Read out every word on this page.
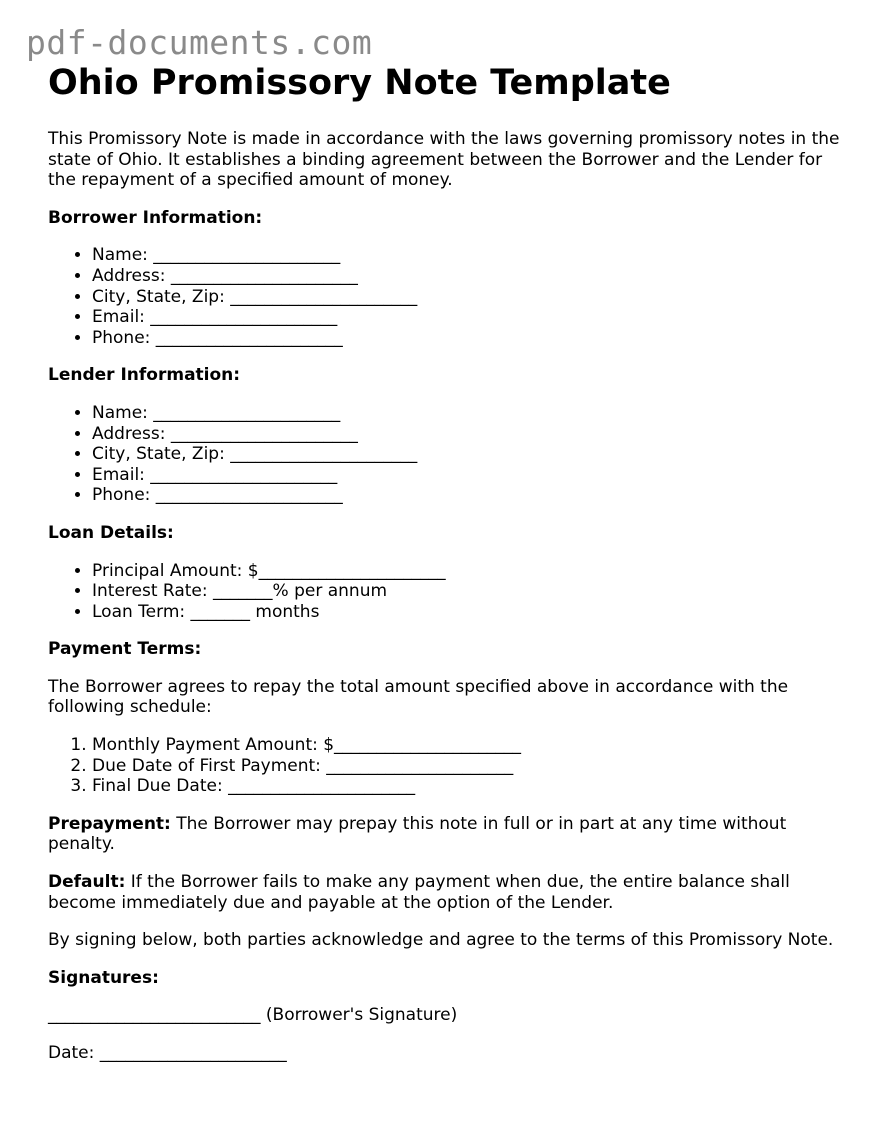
pdf-documents.com
Ohio Promissory Note Template

This Promissory Note is made in accordance with the laws governing promissory notes in the state of Ohio. It establishes a binding agreement between the Borrower and the Lender for the repayment of a specified amount of money.

Borrower Information:
• Name: ______________________
• Address: ______________________
• City, State, Zip: ______________________
• Email: ______________________
• Phone: ______________________
Lender Information:
• Name: ______________________
• Address: ______________________
• City, State, Zip: ______________________
• Email: ______________________
• Phone: ______________________
Loan Details:
• Principal Amount: $______________________
• Interest Rate: _______% per annum
• Loan Term: _______ months
Payment Terms:

The Borrower agrees to repay the total amount specified above in accordance with the following schedule:

1. Monthly Payment Amount: $______________________
2. Due Date of First Payment: ______________________
3. Final Due Date: ______________________

Prepayment: The Borrower may prepay this note in full or in part at any time without penalty.

Default: If the Borrower fails to make any payment when due, the entire balance shall become immediately due and payable at the option of the Lender.

By signing below, both parties acknowledge and agree to the terms of this Promissory Note.

Signatures:

_________________________ (Borrower's Signature)

Date: ______________________
